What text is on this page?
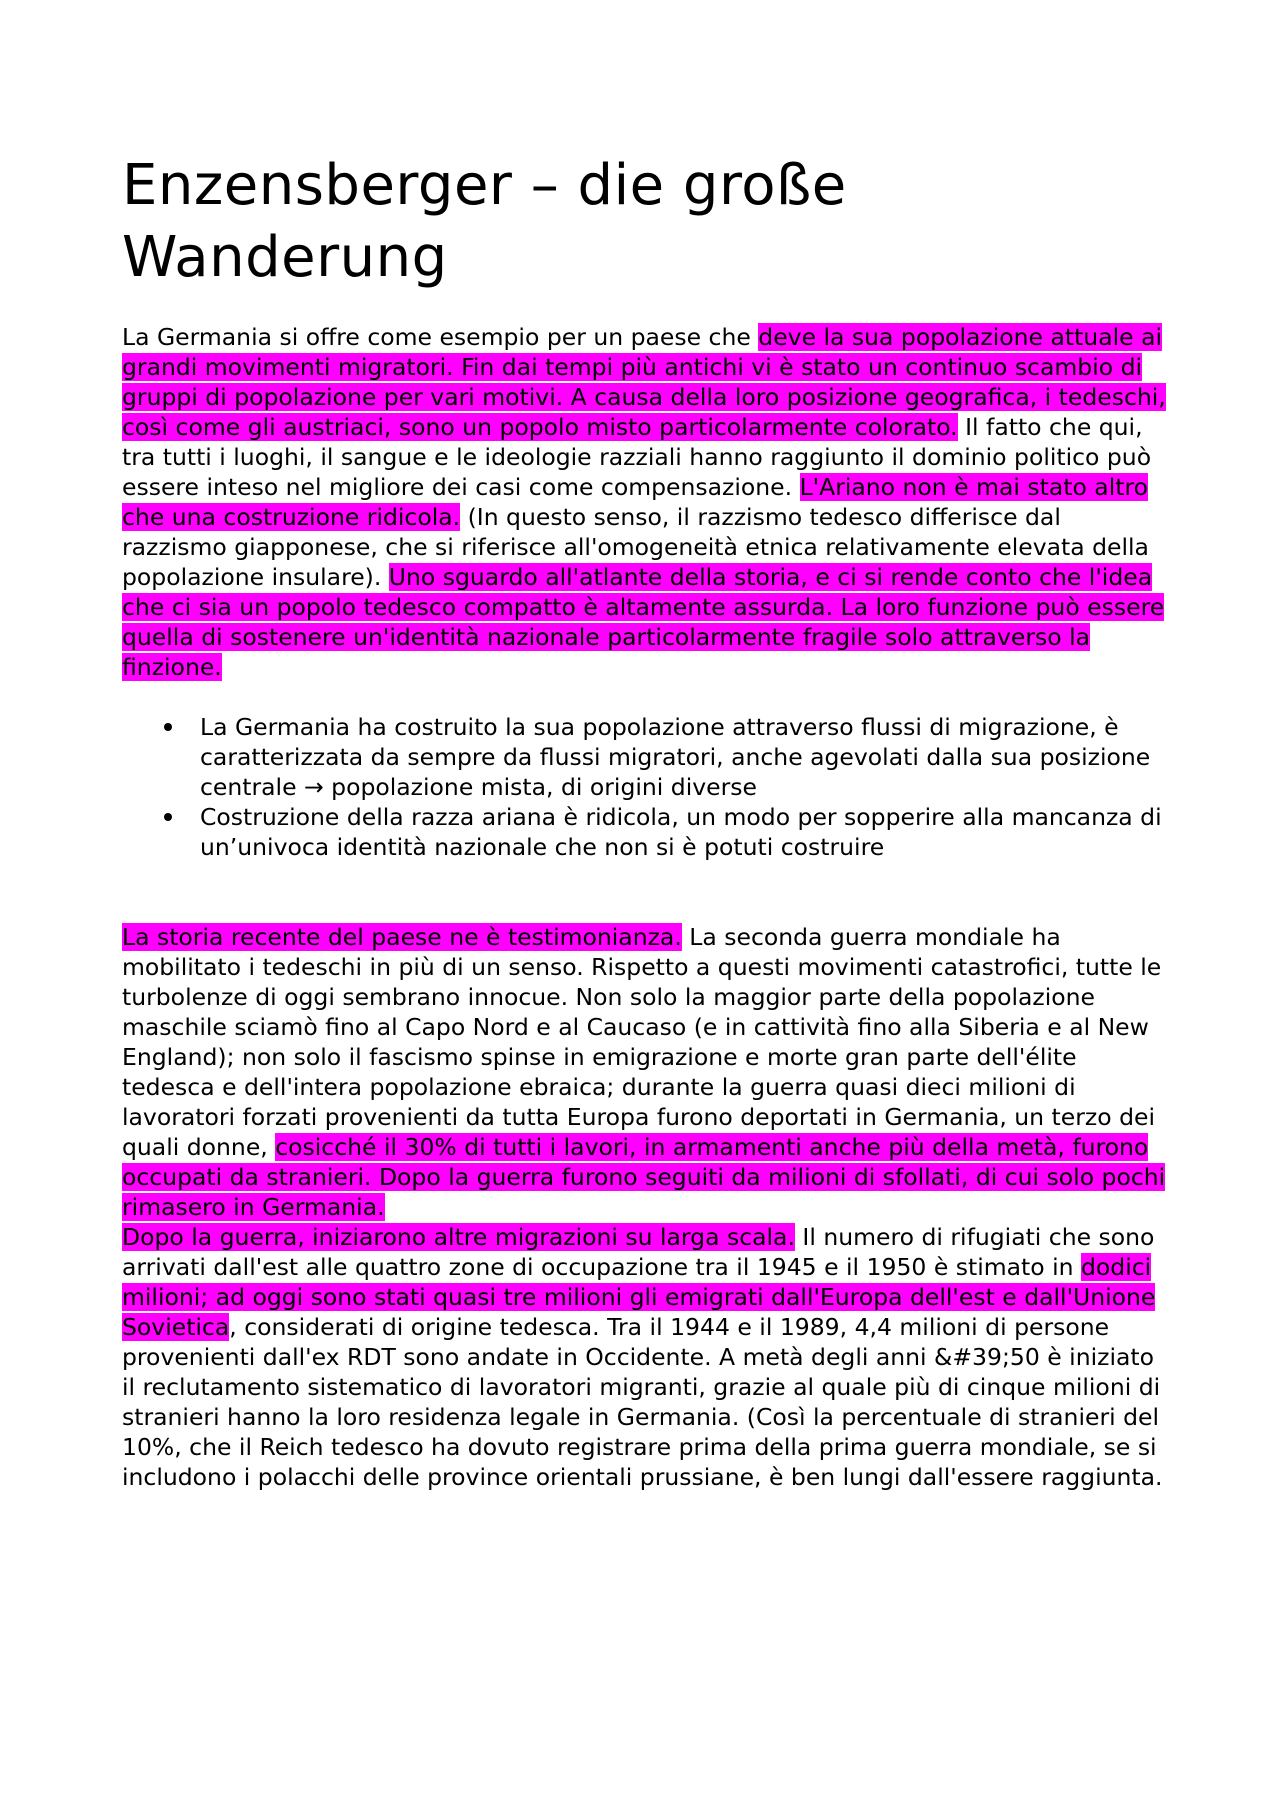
Enzensberger – die große Wanderung

La Germania si offre come esempio per un paese che deve la sua popolazione attuale ai grandi movimenti migratori. Fin dai tempi più antichi vi è stato un continuo scambio di gruppi di popolazione per vari motivi. A causa della loro posizione geografica, i tedeschi, così come gli austriaci, sono un popolo misto particolarmente colorato. Il fatto che qui, tra tutti i luoghi, il sangue e le ideologie razziali hanno raggiunto il dominio politico può essere inteso nel migliore dei casi come compensazione. L'Ariano non è mai stato altro che una costruzione ridicola. (In questo senso, il razzismo tedesco differisce dal razzismo giapponese, che si riferisce all'omogeneità etnica relativamente elevata della popolazione insulare). Uno sguardo all'atlante della storia, e ci si rende conto che l'idea che ci sia un popolo tedesco compatto è altamente assurda. La loro funzione può essere quella di sostenere un'identità nazionale particolarmente fragile solo attraverso la finzione.

La Germania ha costruito la sua popolazione attraverso flussi di migrazione, è caratterizzata da sempre da flussi migratori, anche agevolati dalla sua posizione centrale → popolazione mista, di origini diverse
Costruzione della razza ariana è ridicola, un modo per sopperire alla mancanza di un’univoca identità nazionale che non si è potuti costruire

La storia recente del paese ne è testimonianza. La seconda guerra mondiale ha mobilitato i tedeschi in più di un senso. Rispetto a questi movimenti catastrofici, tutte le turbolenze di oggi sembrano innocue. Non solo la maggior parte della popolazione maschile sciamò fino al Capo Nord e al Caucaso (e in cattività fino alla Siberia e al New England); non solo il fascismo spinse in emigrazione e morte gran parte dell'élite tedesca e dell'intera popolazione ebraica; durante la guerra quasi dieci milioni di lavoratori forzati provenienti da tutta Europa furono deportati in Germania, un terzo dei quali donne, cosicché il 30% di tutti i lavori, in armamenti anche più della metà, furono occupati da stranieri. Dopo la guerra furono seguiti da milioni di sfollati, di cui solo pochi rimasero in Germania.

Dopo la guerra, iniziarono altre migrazioni su larga scala. Il numero di rifugiati che sono arrivati dall'est alle quattro zone di occupazione tra il 1945 e il 1950 è stimato in dodici milioni; ad oggi sono stati quasi tre milioni gli emigrati dall'Europa dell'est e dall'Unione Sovietica, considerati di origine tedesca. Tra il 1944 e il 1989, 4,4 milioni di persone provenienti dall'ex RDT sono andate in Occidente. A metà degli anni &#39;50 è iniziato il reclutamento sistematico di lavoratori migranti, grazie al quale più di cinque milioni di stranieri hanno la loro residenza legale in Germania. (Così la percentuale di stranieri del 10%, che il Reich tedesco ha dovuto registrare prima della prima guerra mondiale, se si includono i polacchi delle province orientali prussiane, è ben lungi dall'essere raggiunta.
